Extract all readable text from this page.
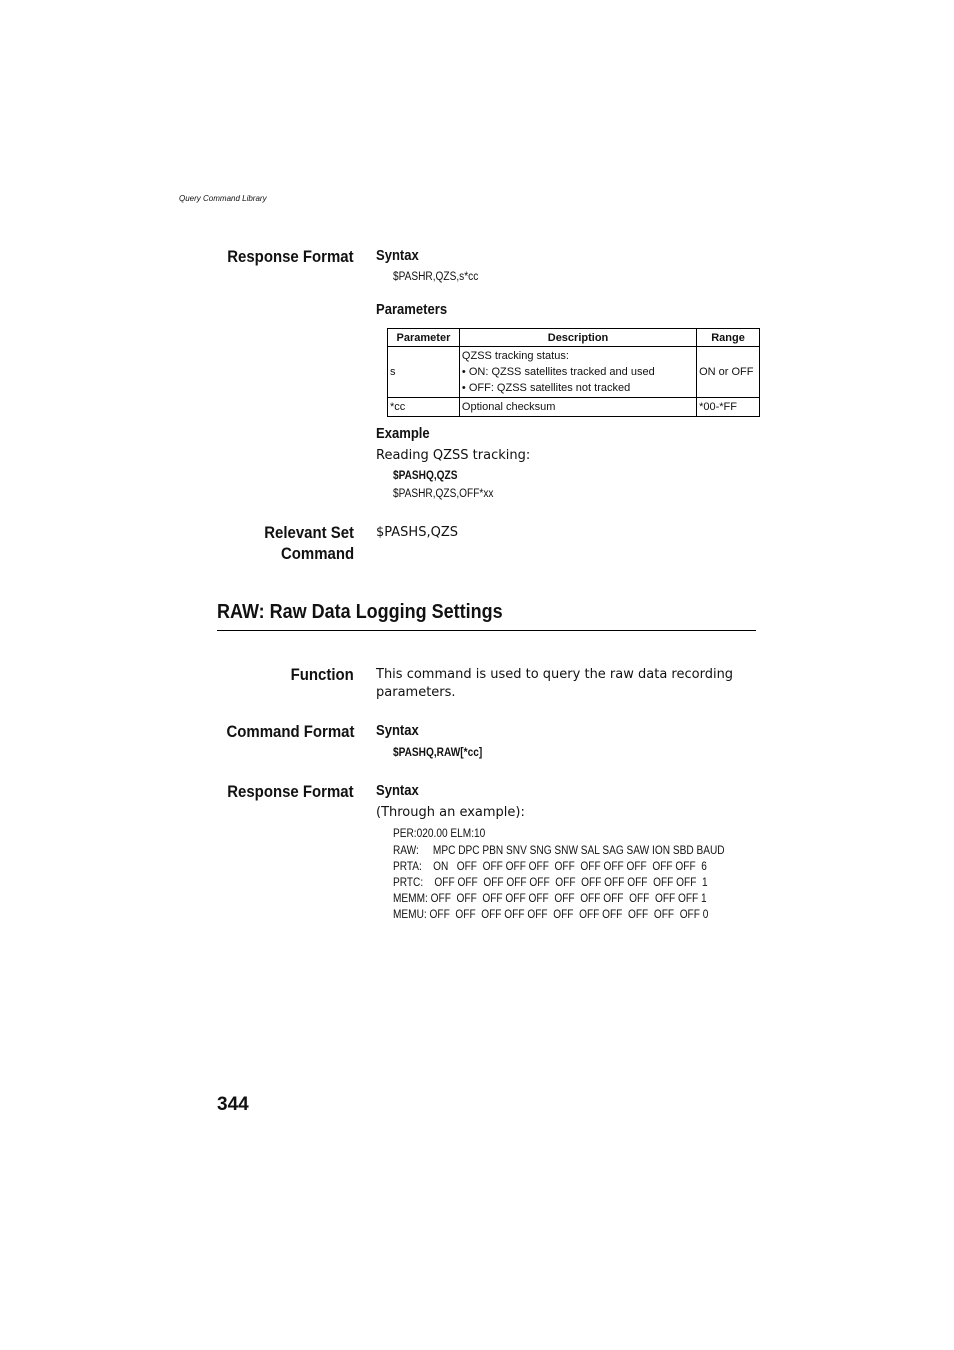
Query Command Library
Response Format Syntax
$PASHR,QZS,s*cc
Parameters
Parameter	Description	Range
s	QZSS tracking status:
• ON: QZSS satellites tracked and used
• OFF: QZSS satellites not tracked	ON or OFF
*cc	Optional checksum	*00-*FF
Example
Reading QZSS tracking:
$PASHQ,QZS
$PASHR,QZS,OFF*xx
Relevant Set
Command
$PASHS,QZS
RAW: Raw Data Logging Settings
Function This command is used to query the raw data recording
parameters.
Command Format Syntax
$PASHQ,RAW[*cc]
Response Format Syntax
(Through an example):
PER:020.00 ELM:10
RAW:     MPC DPC PBN SNV SNG SNW SAL SAG SAW ION SBD BAUD
PRTA:    ON   OFF  OFF OFF OFF  OFF  OFF OFF OFF  OFF OFF  6
PRTC:    OFF OFF  OFF OFF OFF  OFF  OFF OFF OFF  OFF OFF  1
MEMM: OFF  OFF  OFF OFF OFF  OFF  OFF OFF  OFF  OFF OFF 1
MEMU: OFF  OFF  OFF OFF OFF  OFF  OFF OFF  OFF  OFF  OFF 0
344
